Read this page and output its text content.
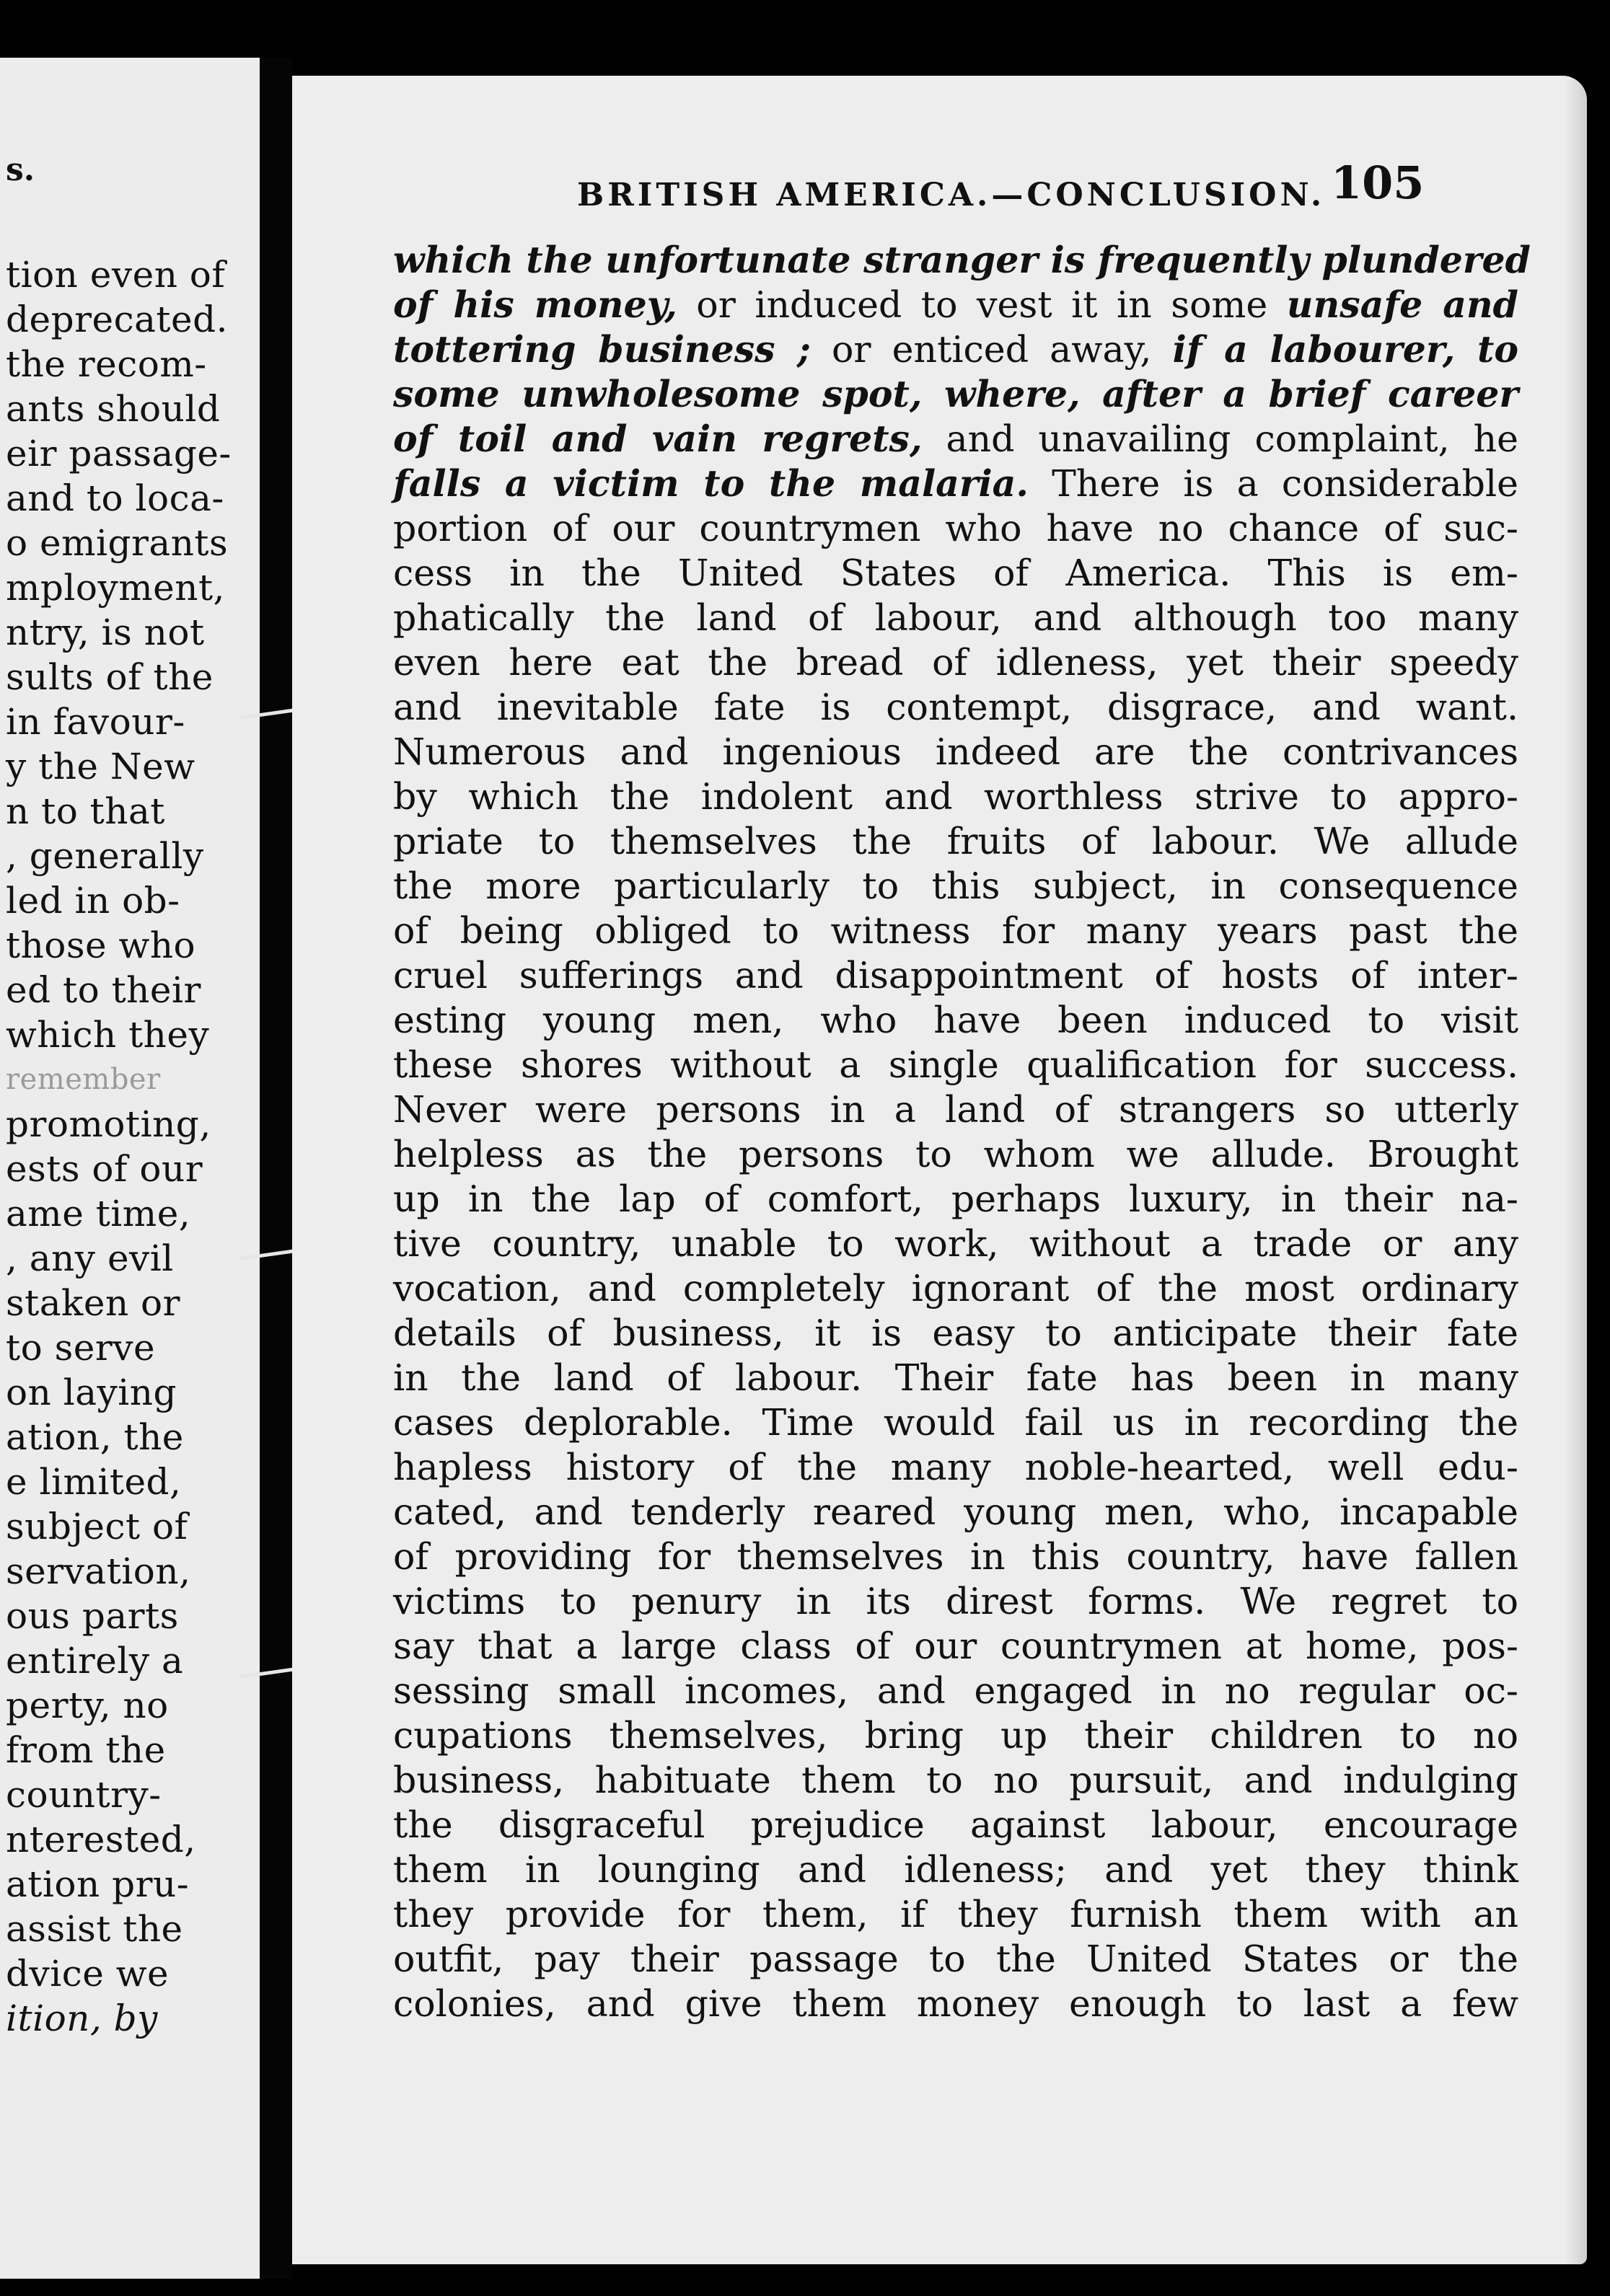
s.
tion even of
deprecated.
the recom-
ants should
eir passage-
and to loca-
o emigrants
mployment,
ntry, is not
sults of the
in favour-
y the New
n to that
, generally
led in ob-
those who
ed to their
which they
remember
promoting,
ests of our
ame time,
, any evil
staken or
to serve
on laying
ation, the
e limited,
subject of
servation,
ous parts
entirely a
perty, no
from the
country-
nterested,
ation pru-
assist the
dvice we
ition, by
BRITISH AMERICA.—CONCLUSION. 105
which the unfortunate stranger is frequently plundered
of his money, or induced to vest it in some unsafe and
tottering business ; or enticed away, if a labourer, to
some unwholesome spot, where, after a brief career
of toil and vain regrets, and unavailing complaint, he
falls a victim to the malaria. There is a considerable
portion of our countrymen who have no chance of suc-
cess in the United States of America. This is em-
phatically the land of labour, and although too many
even here eat the bread of idleness, yet their speedy
and inevitable fate is contempt, disgrace, and want.
Numerous and ingenious indeed are the contrivances
by which the indolent and worthless strive to appro-
priate to themselves the fruits of labour. We allude
the more particularly to this subject, in consequence
of being obliged to witness for many years past the
cruel sufferings and disappointment of hosts of inter-
esting young men, who have been induced to visit
these shores without a single qualification for success.
Never were persons in a land of strangers so utterly
helpless as the persons to whom we allude. Brought
up in the lap of comfort, perhaps luxury, in their na-
tive country, unable to work, without a trade or any
vocation, and completely ignorant of the most ordinary
details of business, it is easy to anticipate their fate
in the land of labour. Their fate has been in many
cases deplorable. Time would fail us in recording the
hapless history of the many noble-hearted, well edu-
cated, and tenderly reared young men, who, incapable
of providing for themselves in this country, have fallen
victims to penury in its direst forms. We regret to
say that a large class of our countrymen at home, pos-
sessing small incomes, and engaged in no regular oc-
cupations themselves, bring up their children to no
business, habituate them to no pursuit, and indulging
the disgraceful prejudice against labour, encourage
them in lounging and idleness; and yet they think
they provide for them, if they furnish them with an
outfit, pay their passage to the United States or the
colonies, and give them money enough to last a few
